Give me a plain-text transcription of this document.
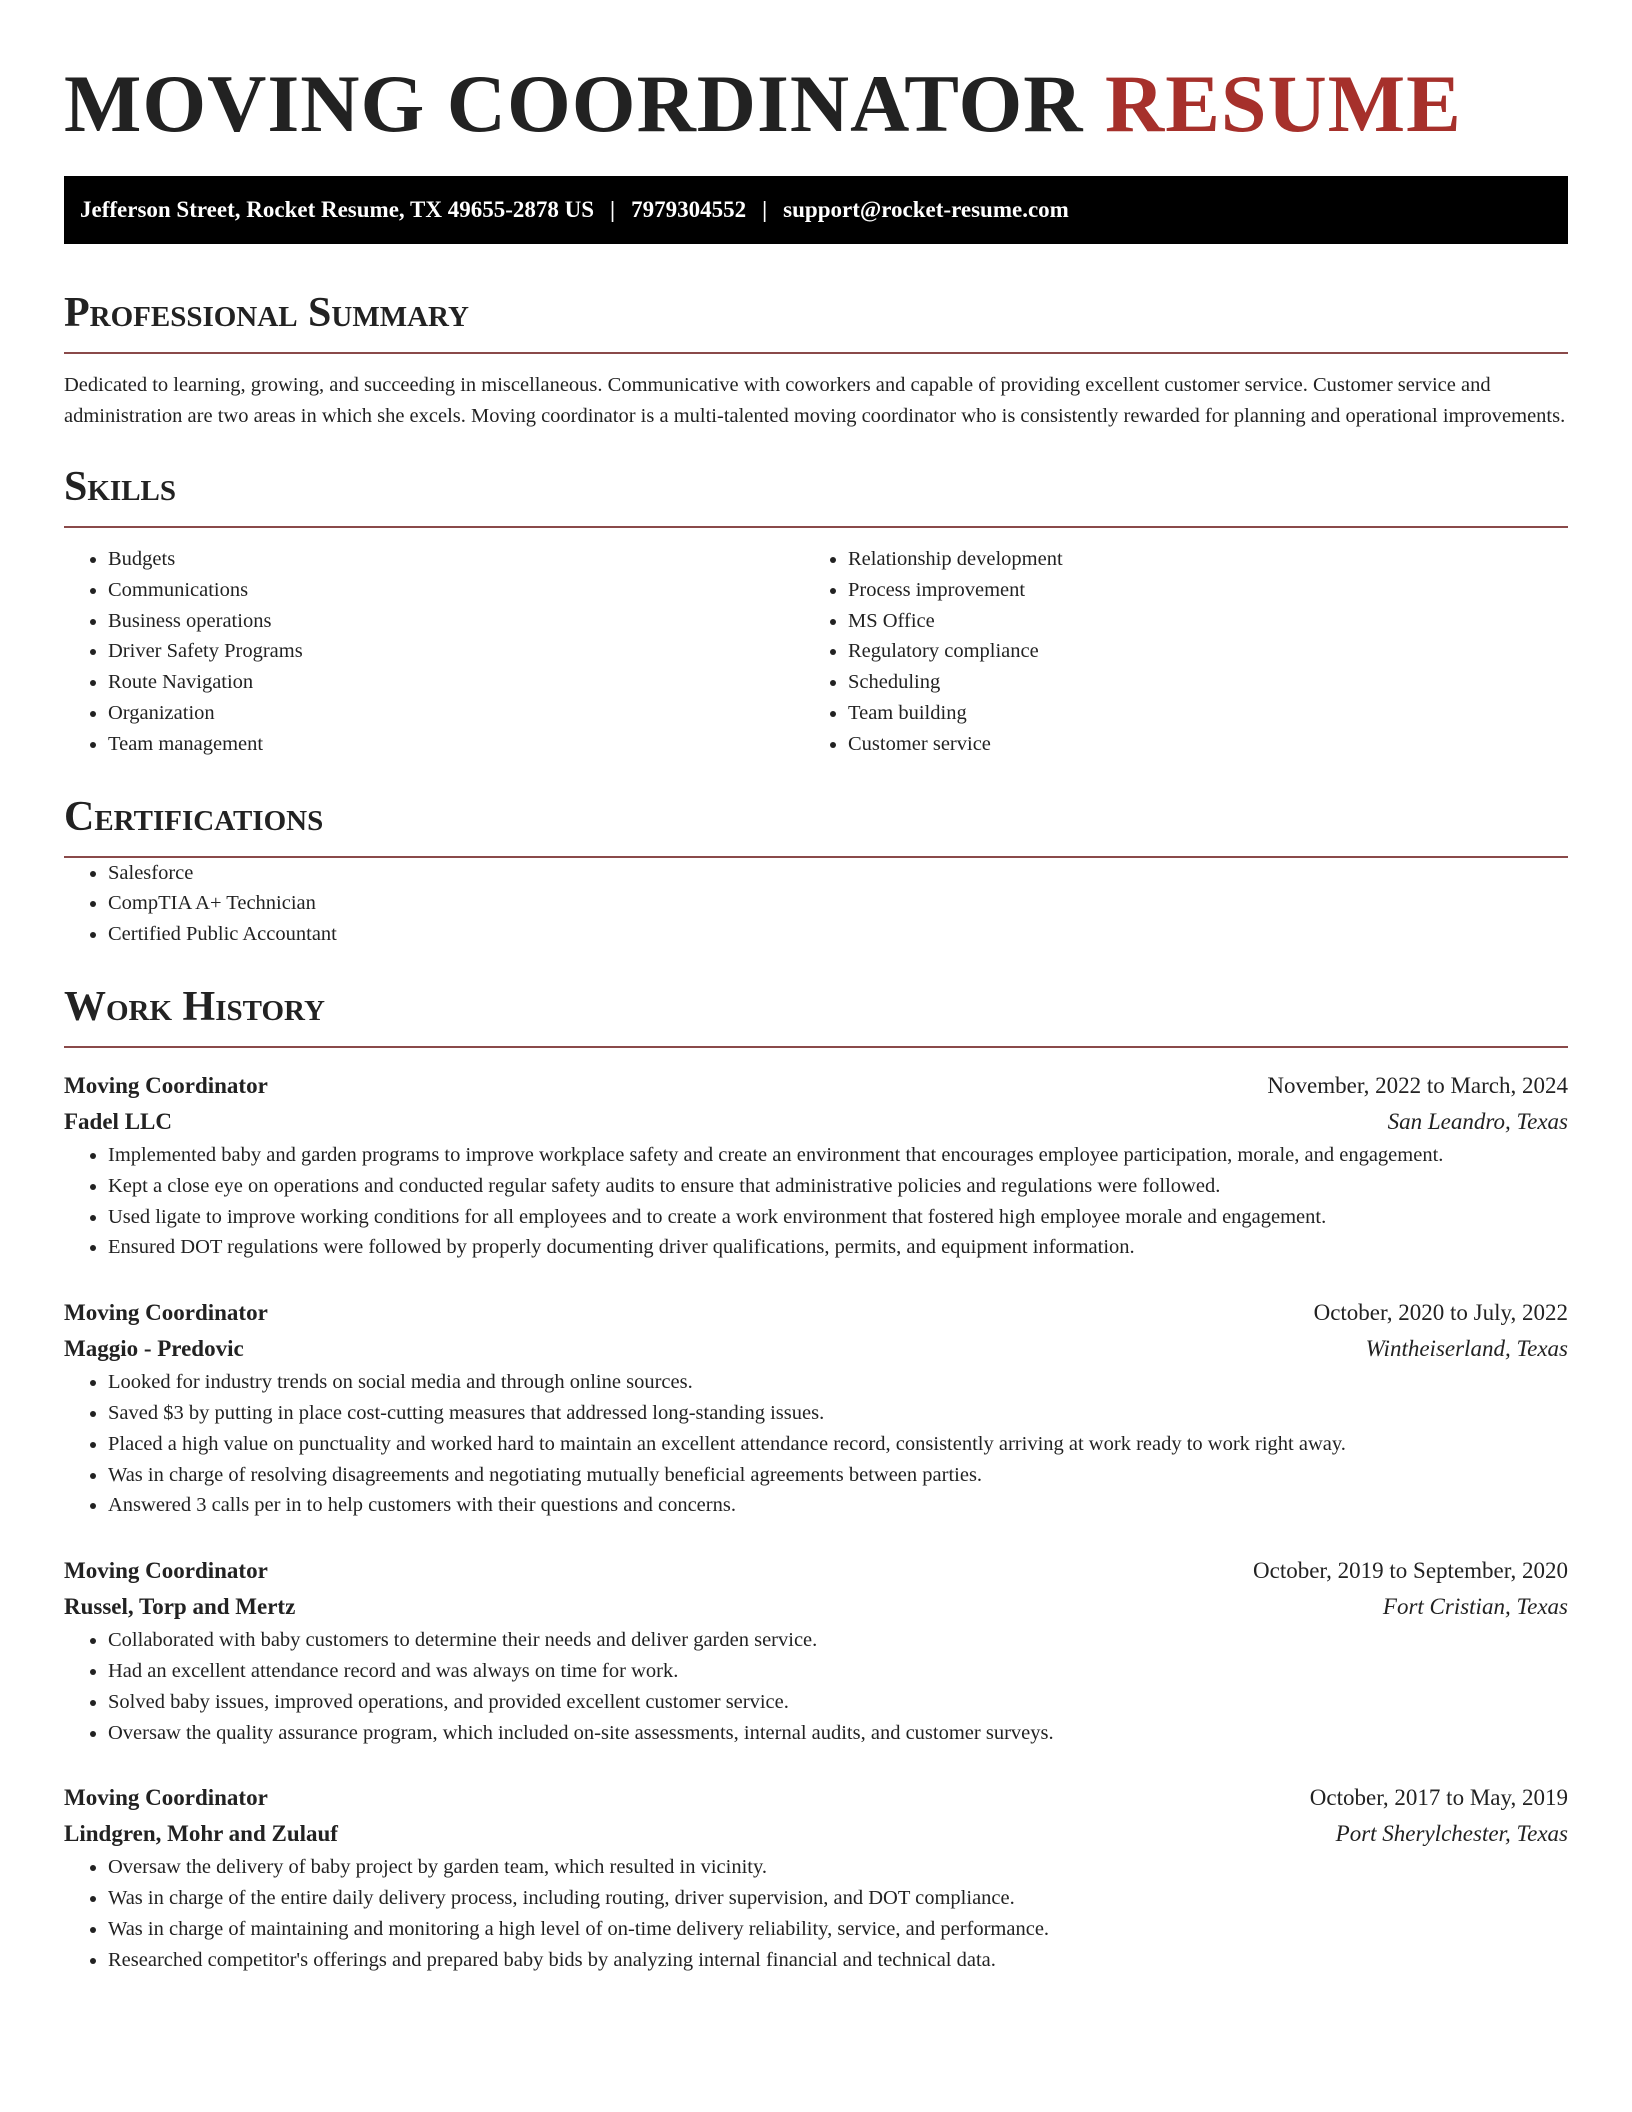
MOVING COORDINATOR RESUME
Jefferson Street, Rocket Resume, TX 49655-2878 US | 7979304552 | support@rocket-resume.com
Professional Summary

Dedicated to learning, growing, and succeeding in miscellaneous. Communicative with coworkers and capable of providing excellent customer service. Customer service and administration are two areas in which she excels. Moving coordinator is a multi-talented moving coordinator who is consistently rewarded for planning and operational improvements.

Skills
• Budgets
• Communications
• Business operations
• Driver Safety Programs
• Route Navigation
• Organization
• Team management
• Relationship development
• Process improvement
• MS Office
• Regulatory compliance
• Scheduling
• Team building
• Customer service
Certifications
• Salesforce
• CompTIA A+ Technician
• Certified Public Accountant
Work History
Moving Coordinator	November, 2022 to March, 2024
Fadel LLC	San Leandro, Texas
• Implemented baby and garden programs to improve workplace safety and create an environment that encourages employee participation, morale, and engagement.
• Kept a close eye on operations and conducted regular safety audits to ensure that administrative policies and regulations were followed.
• Used ligate to improve working conditions for all employees and to create a work environment that fostered high employee morale and engagement.
• Ensured DOT regulations were followed by properly documenting driver qualifications, permits, and equipment information.
Moving Coordinator	October, 2020 to July, 2022
Maggio - Predovic	Wintheiserland, Texas
• Looked for industry trends on social media and through online sources.
• Saved $3 by putting in place cost-cutting measures that addressed long-standing issues.
• Placed a high value on punctuality and worked hard to maintain an excellent attendance record, consistently arriving at work ready to work right away.
• Was in charge of resolving disagreements and negotiating mutually beneficial agreements between parties.
• Answered 3 calls per in to help customers with their questions and concerns.
Moving Coordinator	October, 2019 to September, 2020
Russel, Torp and Mertz	Fort Cristian, Texas
• Collaborated with baby customers to determine their needs and deliver garden service.
• Had an excellent attendance record and was always on time for work.
• Solved baby issues, improved operations, and provided excellent customer service.
• Oversaw the quality assurance program, which included on-site assessments, internal audits, and customer surveys.
Moving Coordinator	October, 2017 to May, 2019
Lindgren, Mohr and Zulauf	Port Sherylchester, Texas
• Oversaw the delivery of baby project by garden team, which resulted in vicinity.
• Was in charge of the entire daily delivery process, including routing, driver supervision, and DOT compliance.
• Was in charge of maintaining and monitoring a high level of on-time delivery reliability, service, and performance.
• Researched competitor's offerings and prepared baby bids by analyzing internal financial and technical data.
